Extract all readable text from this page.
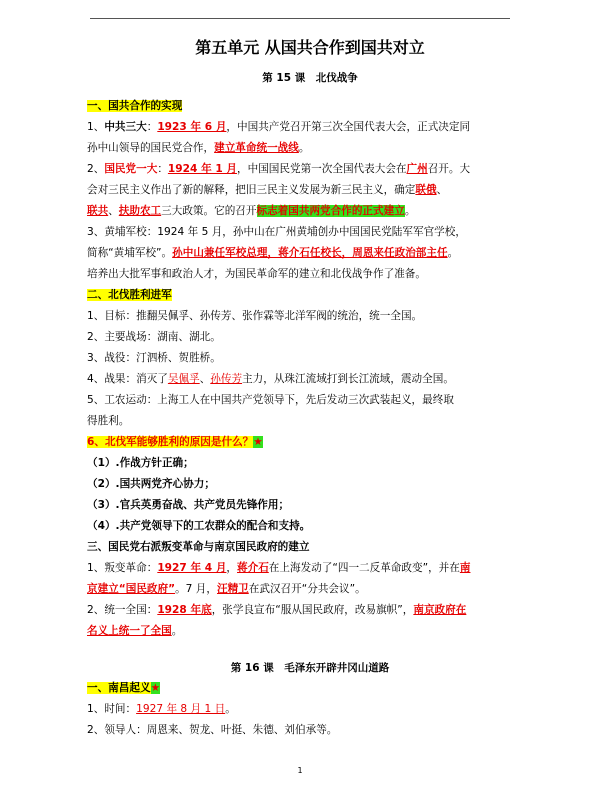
第五单元 从国共合作到国共对立
第 15 课　北伐战争
一、国共合作的实现
1、中共三大：1923 年 6 月，中国共产党召开第三次全国代表大会，正式决定同
孙中山领导的国民党合作，建立革命统一战线。
2、国民党一大：1924 年 1 月，中国国民党第一次全国代表大会在广州召开。大
会对三民主义作出了新的解释，把旧三民主义发展为新三民主义，确定联俄、
联共、扶助农工三大政策。它的召开标志着国共两党合作的正式建立。
3、黄埔军校：1924 年 5 月，孙中山在广州黄埔创办中国国民党陆军军官学校，
简称“黄埔军校”。孙中山兼任军校总理，蒋介石任校长，周恩来任政治部主任。
培养出大批军事和政治人才，为国民革命军的建立和北伐战争作了准备。
二、北伐胜利进军
1、目标：推翻吴佩孚、孙传芳、张作霖等北洋军阀的统治，统一全国。
2、主要战场：湖南、湖北。
3、战役：汀泗桥、贺胜桥。
4、战果：消灭了吴佩孚、孙传芳主力，从珠江流域打到长江流域，震动全国。
5、工农运动：上海工人在中国共产党领导下，先后发动三次武装起义，最终取
得胜利。
6、北伐军能够胜利的原因是什么？★
（1）.作战方针正确；
（2）.国共两党齐心协力；
（3）.官兵英勇奋战、共产党员先锋作用；
（4）.共产党领导下的工农群众的配合和支持。
三、国民党右派叛变革命与南京国民政府的建立
1、叛变革命：1927 年 4 月，蒋介石在上海发动了“四一二反革命政变”，并在南
京建立“国民政府”。7 月，汪精卫在武汉召开“分共会议”。
2、统一全国：1928 年底，张学良宣布“服从国民政府，改易旗帜”，南京政府在
名义上统一了全国。
第 16 课　毛泽东开辟井冈山道路
一、南昌起义★
1、时间：1927 年 8 月 1 日。
2、领导人：周恩来、贺龙、叶挺、朱德、刘伯承等。
1
